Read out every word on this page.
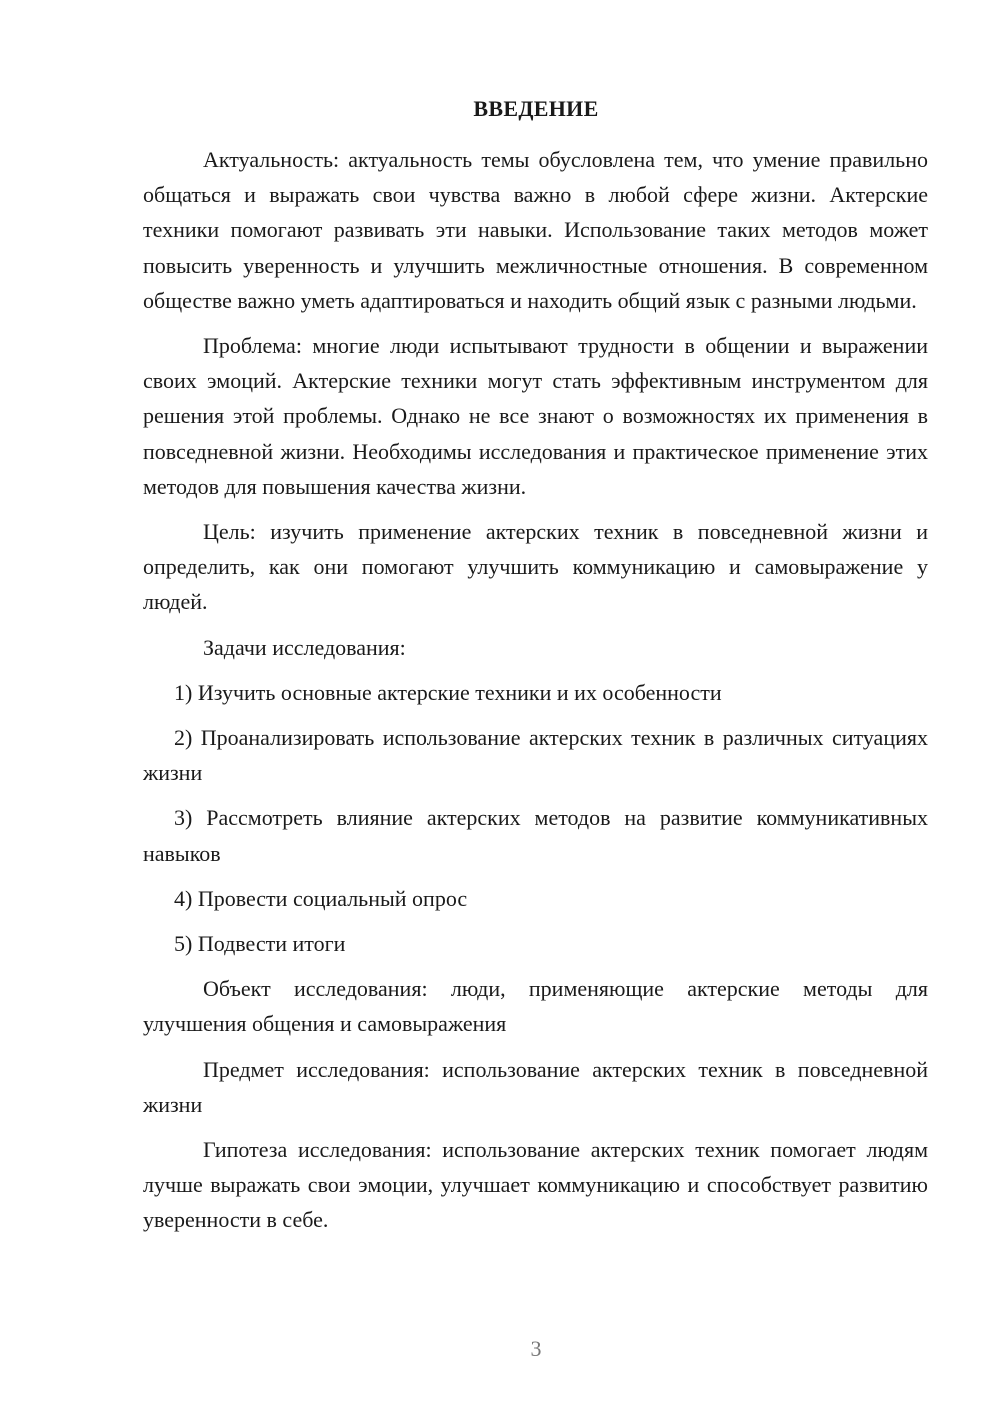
ВВЕДЕНИЕ

Актуальность: актуальность темы обусловлена тем, что умение правильно общаться и выражать свои чувства важно в любой сфере жизни. Актерские техники помогают развивать эти навыки. Использование таких методов может повысить уверенность и улучшить межличностные отношения. В современном обществе важно уметь адаптироваться и находить общий язык с разными людьми.

Проблема: многие люди испытывают трудности в общении и выражении своих эмоций. Актерские техники могут стать эффективным инструментом для решения этой проблемы. Однако не все знают о возможностях их применения в повседневной жизни. Необходимы исследования и практическое применение этих методов для повышения качества жизни.

Цель: изучить применение актерских техник в повседневной жизни и определить, как они помогают улучшить коммуникацию и самовыражение у людей.

Задачи исследования:

1) Изучить основные актерские техники и их особенности

2) Проанализировать использование актерских техник в различных ситуациях жизни

3) Рассмотреть влияние актерских методов на развитие коммуникативных навыков

4) Провести социальный опрос

5) Подвести итоги

Объект исследования: люди, применяющие актерские методы для улучшения общения и самовыражения

Предмет исследования: использование актерских техник в повседневной жизни

Гипотеза исследования: использование актерских техник помогает людям лучше выражать свои эмоции, улучшает коммуникацию и способствует развитию уверенности в себе.

3
